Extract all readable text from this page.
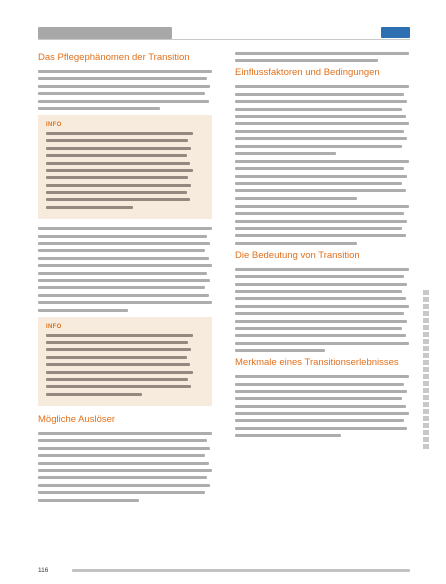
Das Pflegephänomen der Transition
INFO
INFO
Mögliche Auslöser
Einflussfaktoren und Bedingungen
Die Bedeutung von Transition
Merkmale eines Transitionserlebnisses
116
